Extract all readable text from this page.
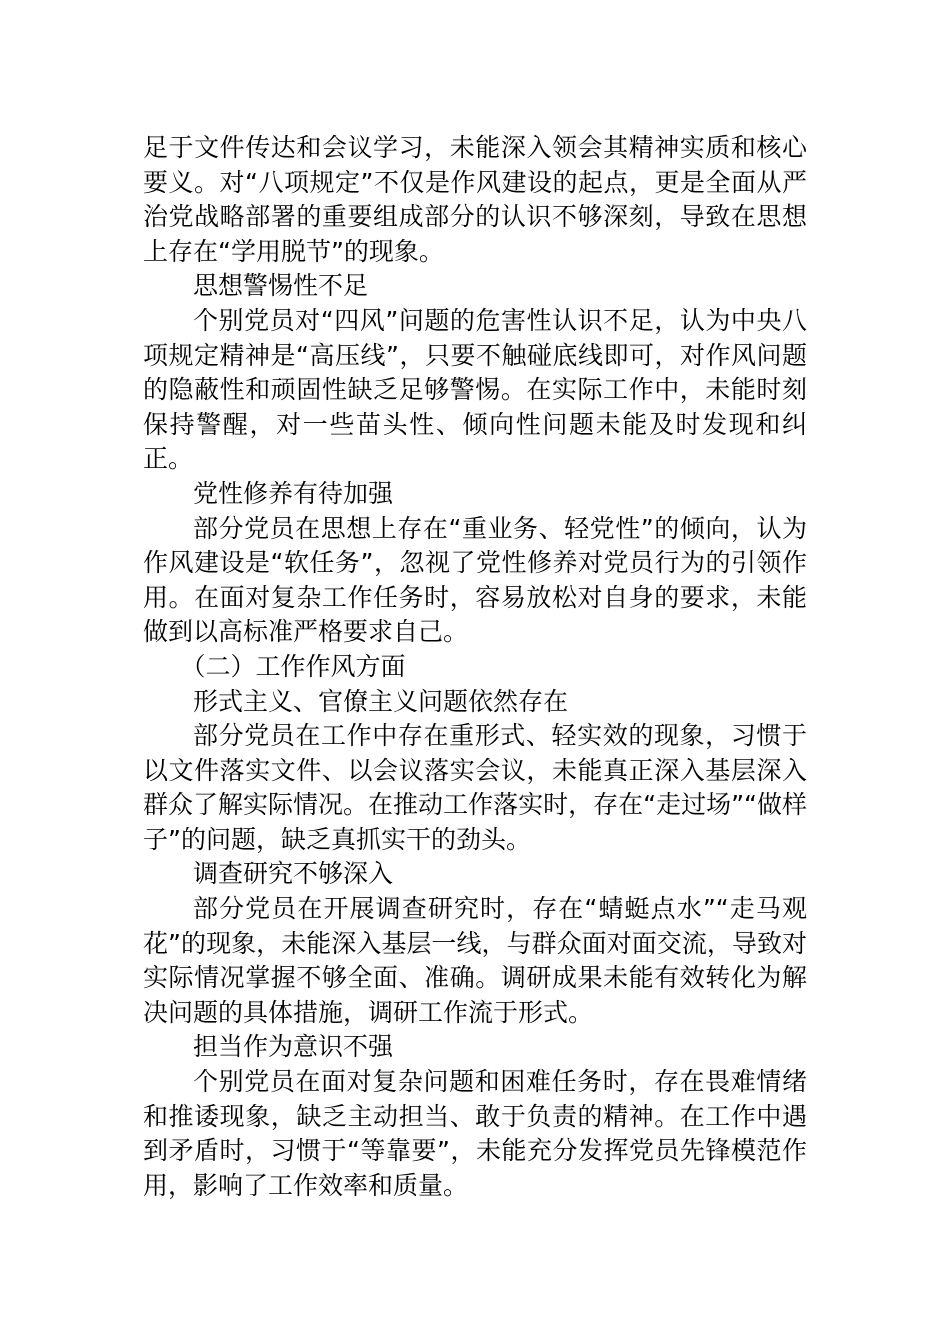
足于文件传达和会议学习，未能深入领会其精神实质和核心要义。对“八项规定”不仅是作风建设的起点，更是全面从严治党战略部署的重要组成部分的认识不够深刻，导致在思想上存在“学用脱节”的现象。

思想警惕性不足

个别党员对“四风”问题的危害性认识不足，认为中央八项规定精神是“高压线”，只要不触碰底线即可，对作风问题的隐蔽性和顽固性缺乏足够警惕。在实际工作中，未能时刻保持警醒，对一些苗头性、倾向性问题未能及时发现和纠正。

党性修养有待加强

部分党员在思想上存在“重业务、轻党性”的倾向，认为作风建设是“软任务”，忽视了党性修养对党员行为的引领作用。在面对复杂工作任务时，容易放松对自身的要求，未能做到以高标准严格要求自己。

（二）工作作风方面

形式主义、官僚主义问题依然存在

部分党员在工作中存在重形式、轻实效的现象，习惯于以文件落实文件、以会议落实会议，未能真正深入基层深入群众了解实际情况。在推动工作落实时，存在“走过场”“做样子”的问题，缺乏真抓实干的劲头。

调查研究不够深入

部分党员在开展调查研究时，存在“蜻蜓点水”“走马观花”的现象，未能深入基层一线，与群众面对面交流，导致对实际情况掌握不够全面、准确。调研成果未能有效转化为解决问题的具体措施，调研工作流于形式。

担当作为意识不强

个别党员在面对复杂问题和困难任务时，存在畏难情绪和推诿现象，缺乏主动担当、敢于负责的精神。在工作中遇到矛盾时，习惯于“等靠要”，未能充分发挥党员先锋模范作用，影响了工作效率和质量。
